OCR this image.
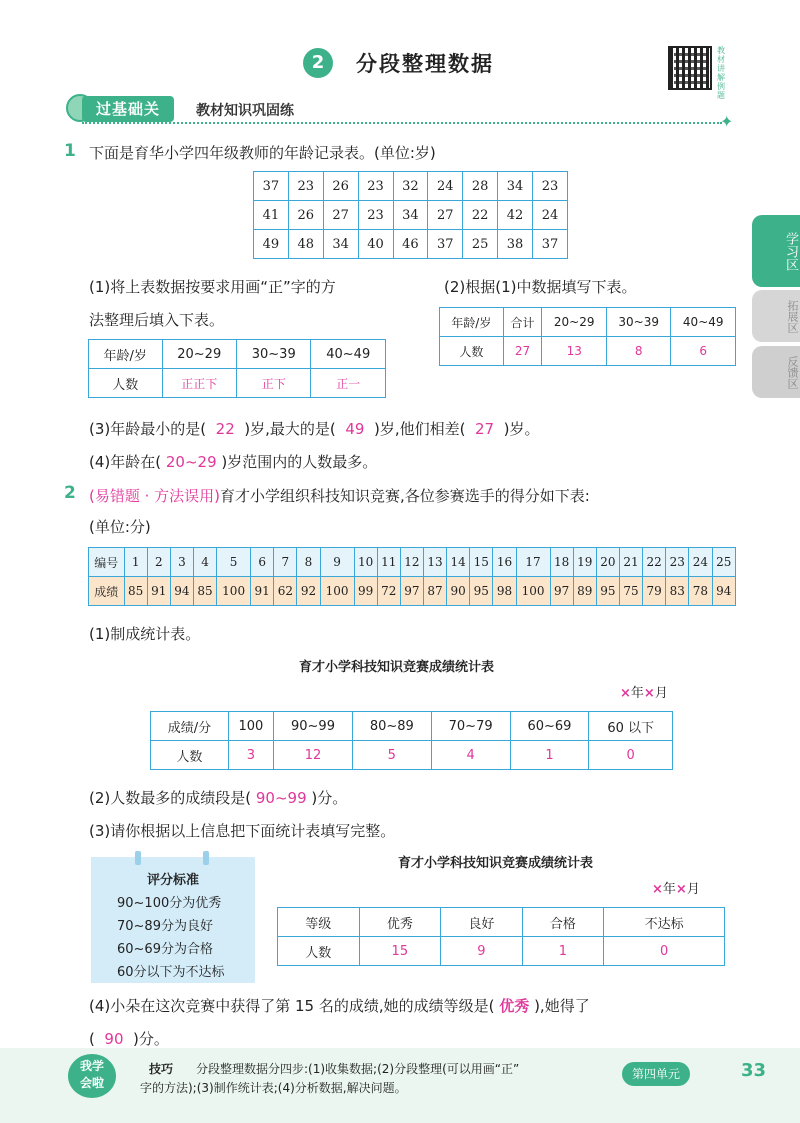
2	分段整理数据
教材讲解例题
过基础关	教材知识巩固练
✦
学习区
拓展区
反馈区
1 下面是育华小学四年级教师的年龄记录表。(单位:岁)
37	23	26	23	32	24	28	34	23
41	26	27	23	34	27	22	42	24
49	48	34	40	46	37	25	38	37
(1)将上表数据按要求用画“正”字的方
法整理后填入下表。
(2)根据(1)中数据填写下表。
年龄/岁	20~29	30~39	40~49
人数	正正下	正下	正一
年龄/岁	合计	20~29	30~39	40~49
人数	27	13	8	6
(3)年龄最小的是( 22 )岁,最大的是( 49 )岁,他们相差( 27 )岁。
(4)年龄在( 20~29 )岁范围内的人数最多。
2 (易错题 · 方法误用)育才小学组织科技知识竞赛,各位参赛选手的得分如下表:
(单位:分)
编号	1	2	3	4	5	6	7	8	9	10	11	12	13	14	15	16	17	18	19	20	21	22	23	24	25
成绩	85	91	94	85	100	91	62	92	100	99	72	97	87	90	95	98	100	97	89	95	75	79	83	78	94
(1)制成统计表。
育才小学科技知识竞赛成绩统计表
×年×月
成绩/分	100	90~99	80~89	70~79	60~69	60 以下
人数	3	12	5	4	1	0
(2)人数最多的成绩段是( 90~99 )分。
(3)请你根据以上信息把下面统计表填写完整。
评分标准
90~100分为优秀
70~89分为良好
60~69分为合格
60分以下为不达标
育才小学科技知识竞赛成绩统计表
×年×月
等级	优秀	良好	合格	不达标
人数	15	9	1	0
(4)小朵在这次竞赛中获得了第 15 名的成绩,她的成绩等级是( 优秀 ),她得了
( 90 )分。
我学
会啦
技巧 分段整理数据分四步:(1)收集数据;(2)分段整理(可以用画“正”
字的方法);(3)制作统计表;(4)分析数据,解决问题。
第四单元	33
